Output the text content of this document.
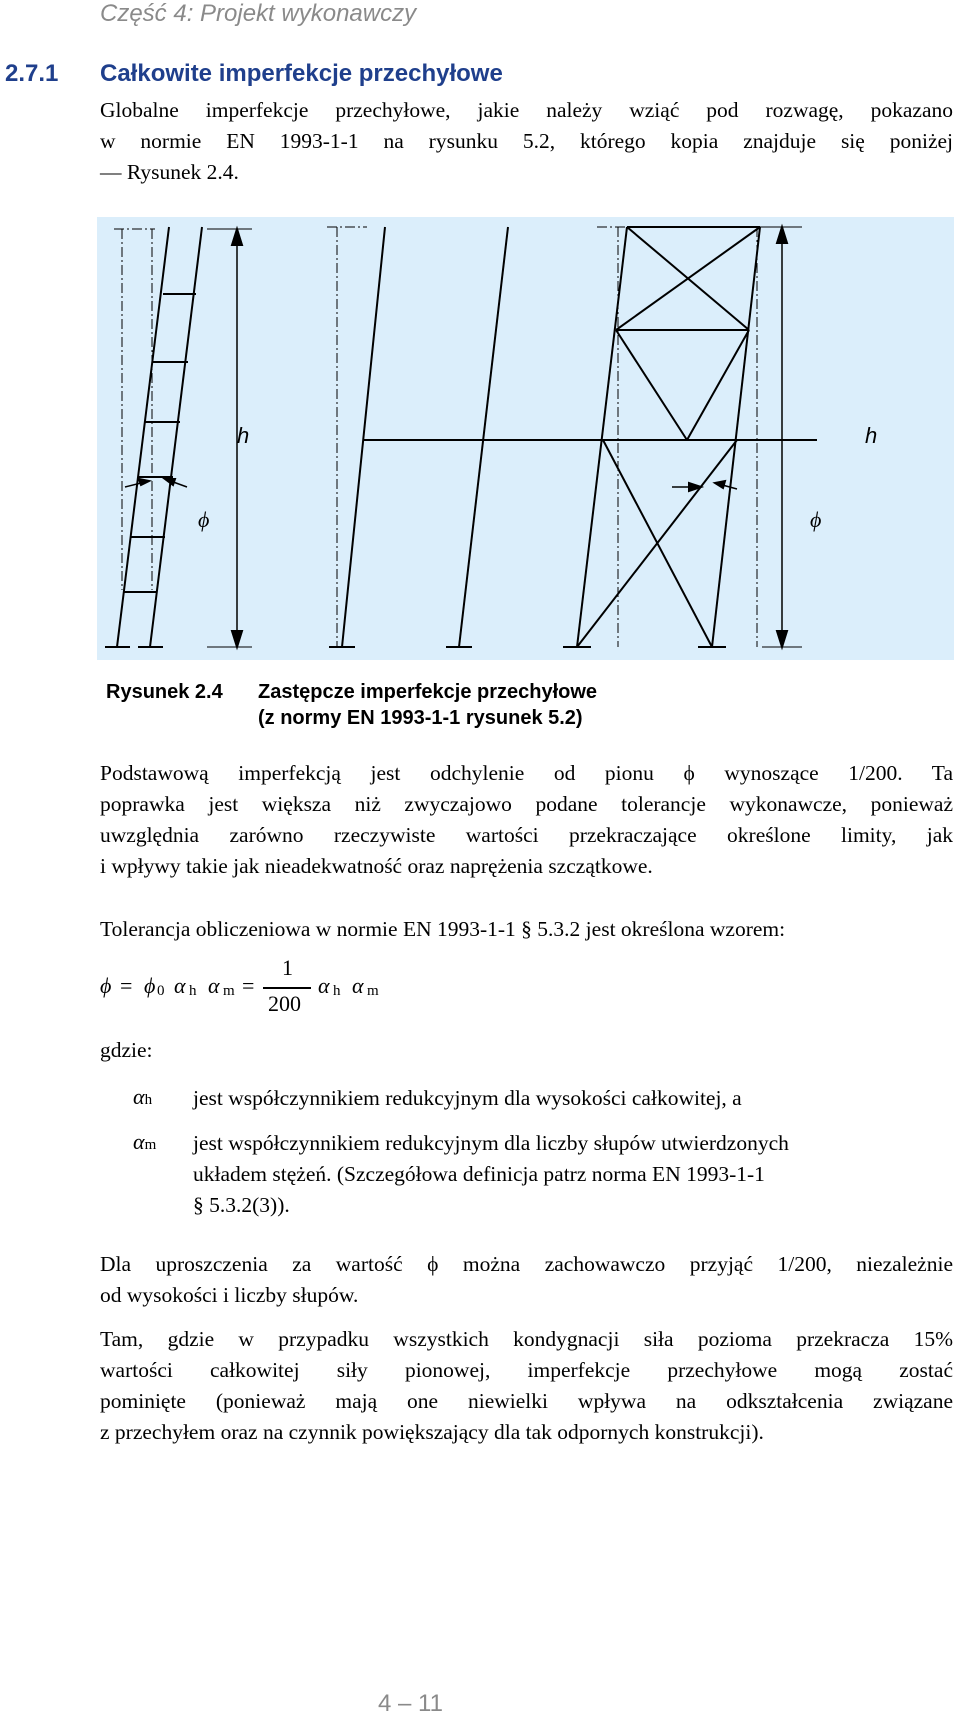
Część 4: Projekt wykonawczy
2.7.1 Całkowite imperfekcje przechyłowe
Globalne imperfekcje przechyłowe, jakie należy wziąć pod rozwagę, pokazano
w normie EN 1993-1-1 na rysunku 5.2, którego kopia znajduje się poniżej
— Rysunek 2.4.
h	h
ϕ	ϕ
Rysunek 2.4 Zastępcze imperfekcje przechyłowe
(z normy EN 1993-1-1 rysunek 5.2)
Podstawową imperfekcją jest odchylenie od pionu ϕ wynoszące 1/200. Ta
poprawka jest większa niż zwyczajowo podane tolerancje wykonawcze, ponieważ
uwzględnia zarówno rzeczywiste wartości przekraczające określone limity, jak
i wpływy takie jak nieadekwatność oraz naprężenia szczątkowe.
Tolerancja obliczeniowa w normie EN 1993-1-1 § 5.3.2 jest określona wzorem:
ϕ = ϕ 0 α h α m =
1
200
α h α m
gdzie:
αh jest współczynnikiem redukcyjnym dla wysokości całkowitej, a
αm jest współczynnikiem redukcyjnym dla liczby słupów utwierdzonych
układem stężeń. (Szczegółowa definicja patrz norma EN 1993-1-1
§ 5.3.2(3)).
Dla uproszczenia za wartość ϕ można zachowawczo przyjąć 1/200, niezależnie
od wysokości i liczby słupów.
Tam, gdzie w przypadku wszystkich kondygnacji siła pozioma przekracza 15%
wartości całkowitej siły pionowej, imperfekcje przechyłowe mogą zostać
pominięte (ponieważ mają one niewielki wpływa na odkształcenia związane
z przechyłem oraz na czynnik powiększający dla tak odpornych konstrukcji).
4 – 11
